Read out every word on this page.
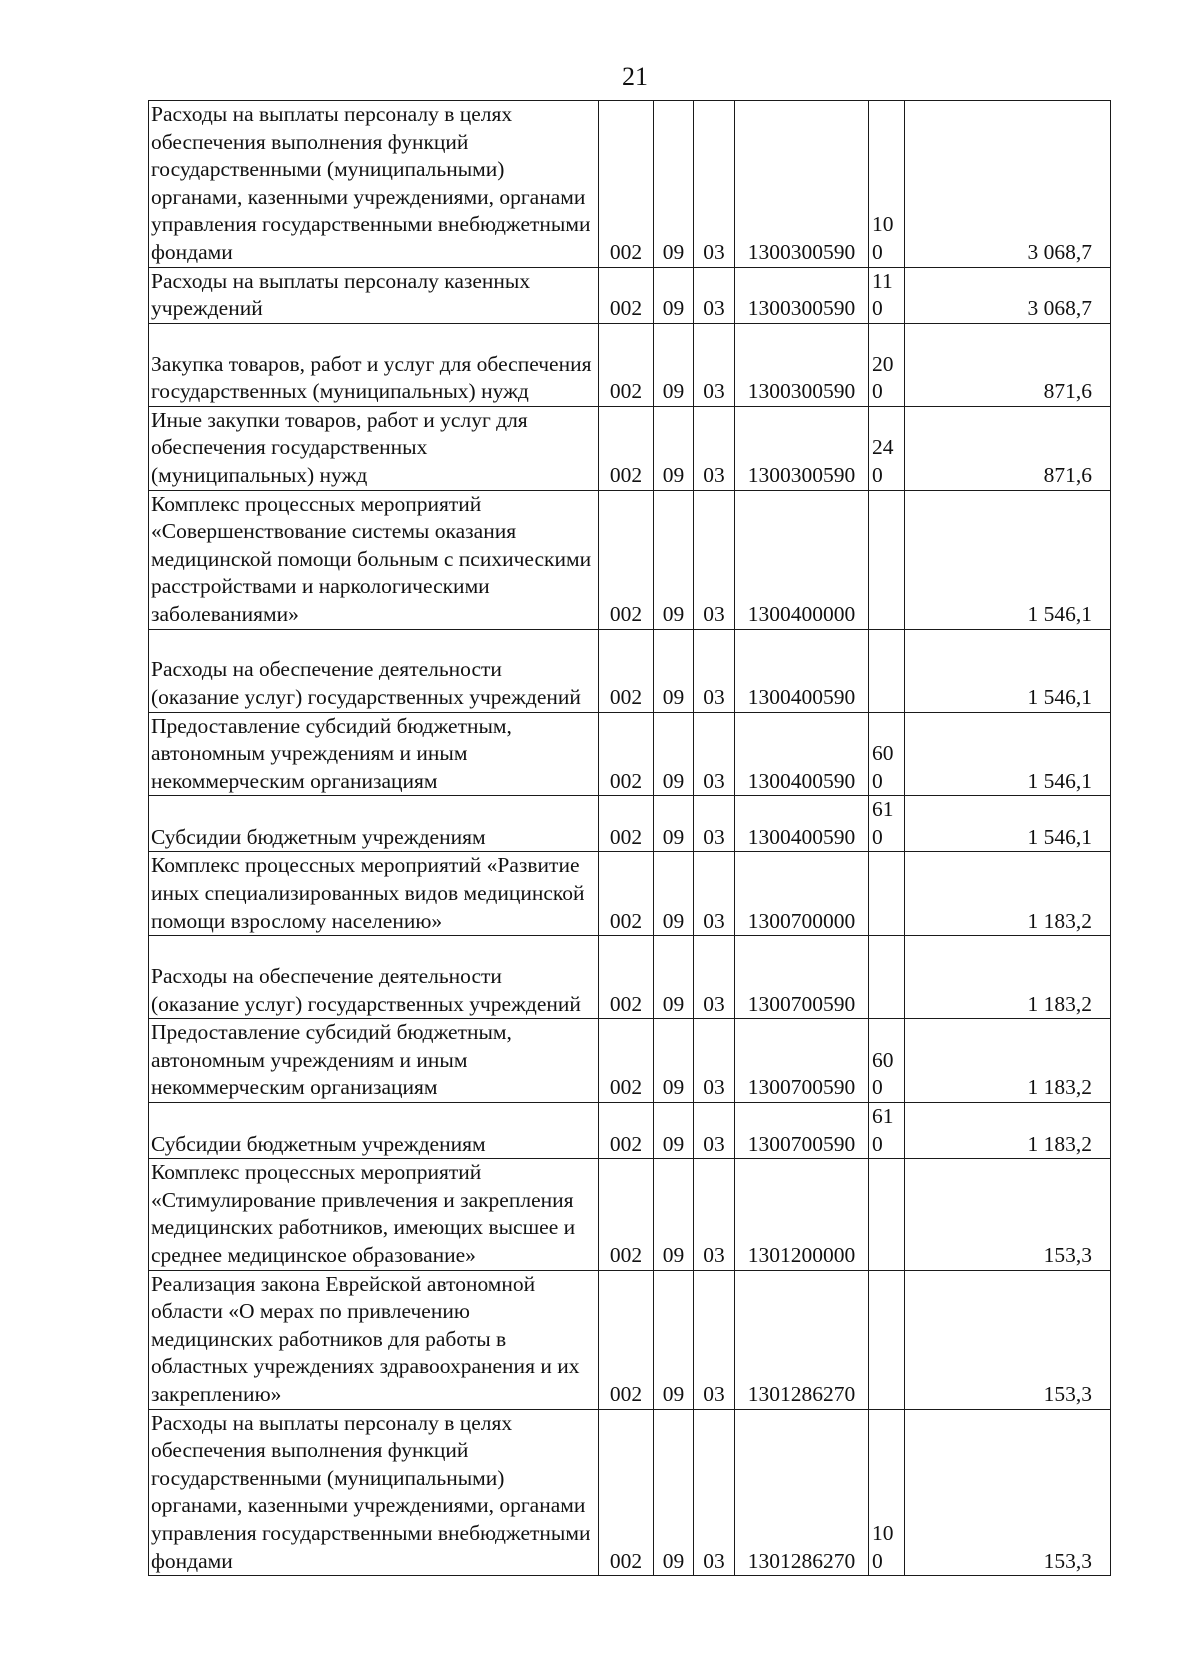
21
Расходы на выплаты персоналу в целях обеспечения выполнения функций государственными (муниципальными) органами, казенными учреждениями, органами управления государственными внебюджетными фондами	002	09	03	1300300590	100	3 068,7
Расходы на выплаты персоналу казенных учреждений	002	09	03	1300300590	110	3 068,7
Закупка товаров, работ и услуг для обеспечения государственных (муниципальных) нужд	002	09	03	1300300590	200	871,6
Иные закупки товаров, работ и услуг для обеспечения государственных (муниципальных) нужд	002	09	03	1300300590	240	871,6
Комплекс процессных мероприятий «Совершенствование системы оказания медицинской помощи больным с психическими расстройствами и наркологическими заболеваниями»	002	09	03	1300400000		1 546,1
Расходы на обеспечение деятельности (оказание услуг) государственных учреждений	002	09	03	1300400590		1 546,1
Предоставление субсидий бюджетным, автономным учреждениям и иным некоммерческим организациям	002	09	03	1300400590	600	1 546,1
Субсидии бюджетным учреждениям	002	09	03	1300400590	610	1 546,1
Комплекс процессных мероприятий «Развитие иных специализированных видов медицинской помощи взрослому населению»	002	09	03	1300700000		1 183,2
Расходы на обеспечение деятельности (оказание услуг) государственных учреждений	002	09	03	1300700590		1 183,2
Предоставление субсидий бюджетным, автономным учреждениям и иным некоммерческим организациям	002	09	03	1300700590	600	1 183,2
Субсидии бюджетным учреждениям	002	09	03	1300700590	610	1 183,2
Комплекс процессных мероприятий «Стимулирование привлечения и закрепления медицинских работников, имеющих высшее и среднее медицинское образование»	002	09	03	1301200000		153,3
Реализация закона Еврейской автономной области «О мерах по привлечению медицинских работников для работы в областных учреждениях здравоохранения и их закреплению»	002	09	03	1301286270		153,3
Расходы на выплаты персоналу в целях обеспечения выполнения функций государственными (муниципальными) органами, казенными учреждениями, органами управления государственными внебюджетными фондами	002	09	03	1301286270	100	153,3
